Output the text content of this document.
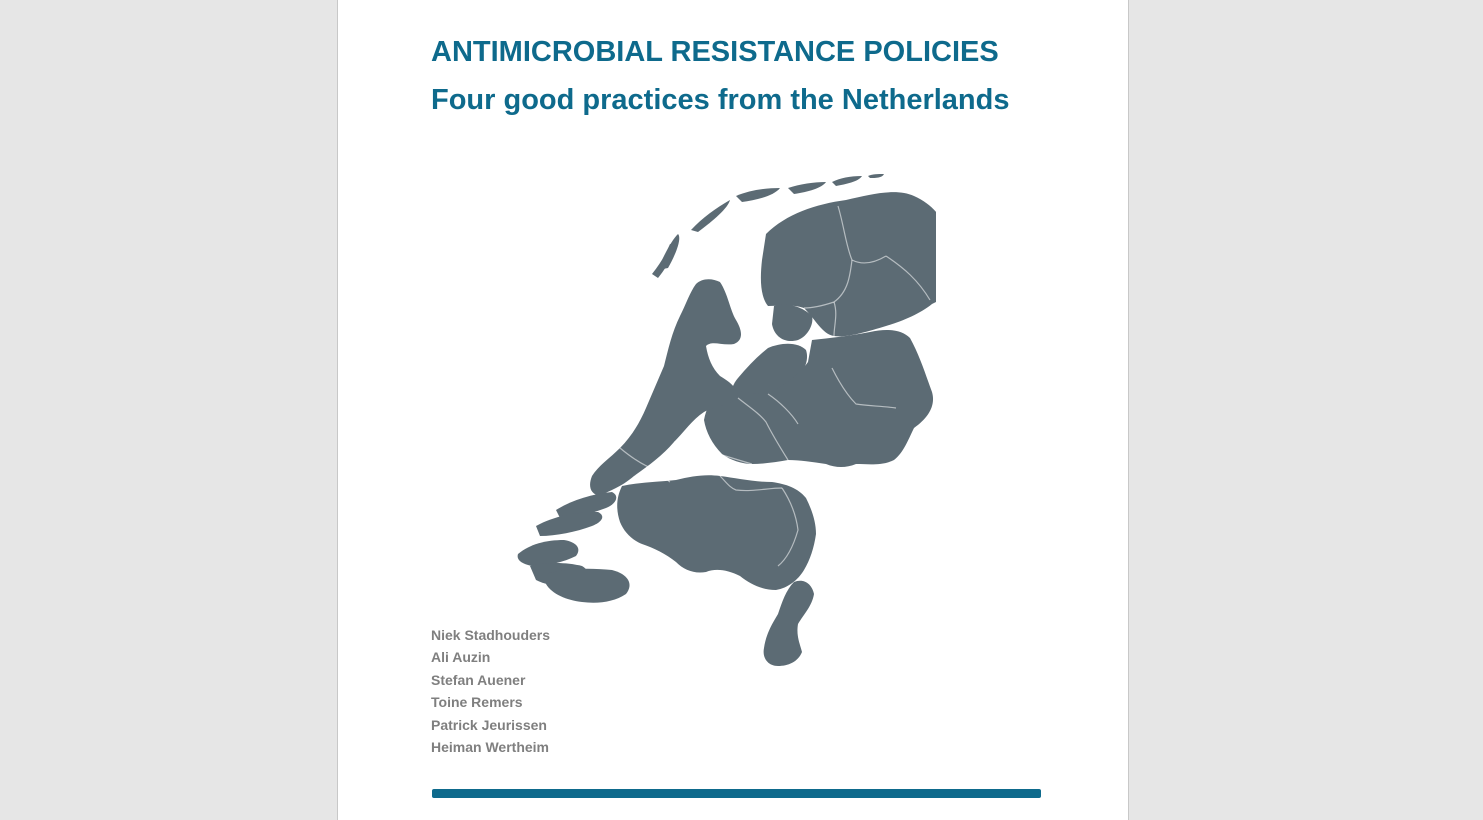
ANTIMICROBIAL RESISTANCE POLICIES
Four good practices from the Netherlands
Niek Stadhouders
Ali Auzin
Stefan Auener
Toine Remers
Patrick Jeurissen
Heiman Wertheim
